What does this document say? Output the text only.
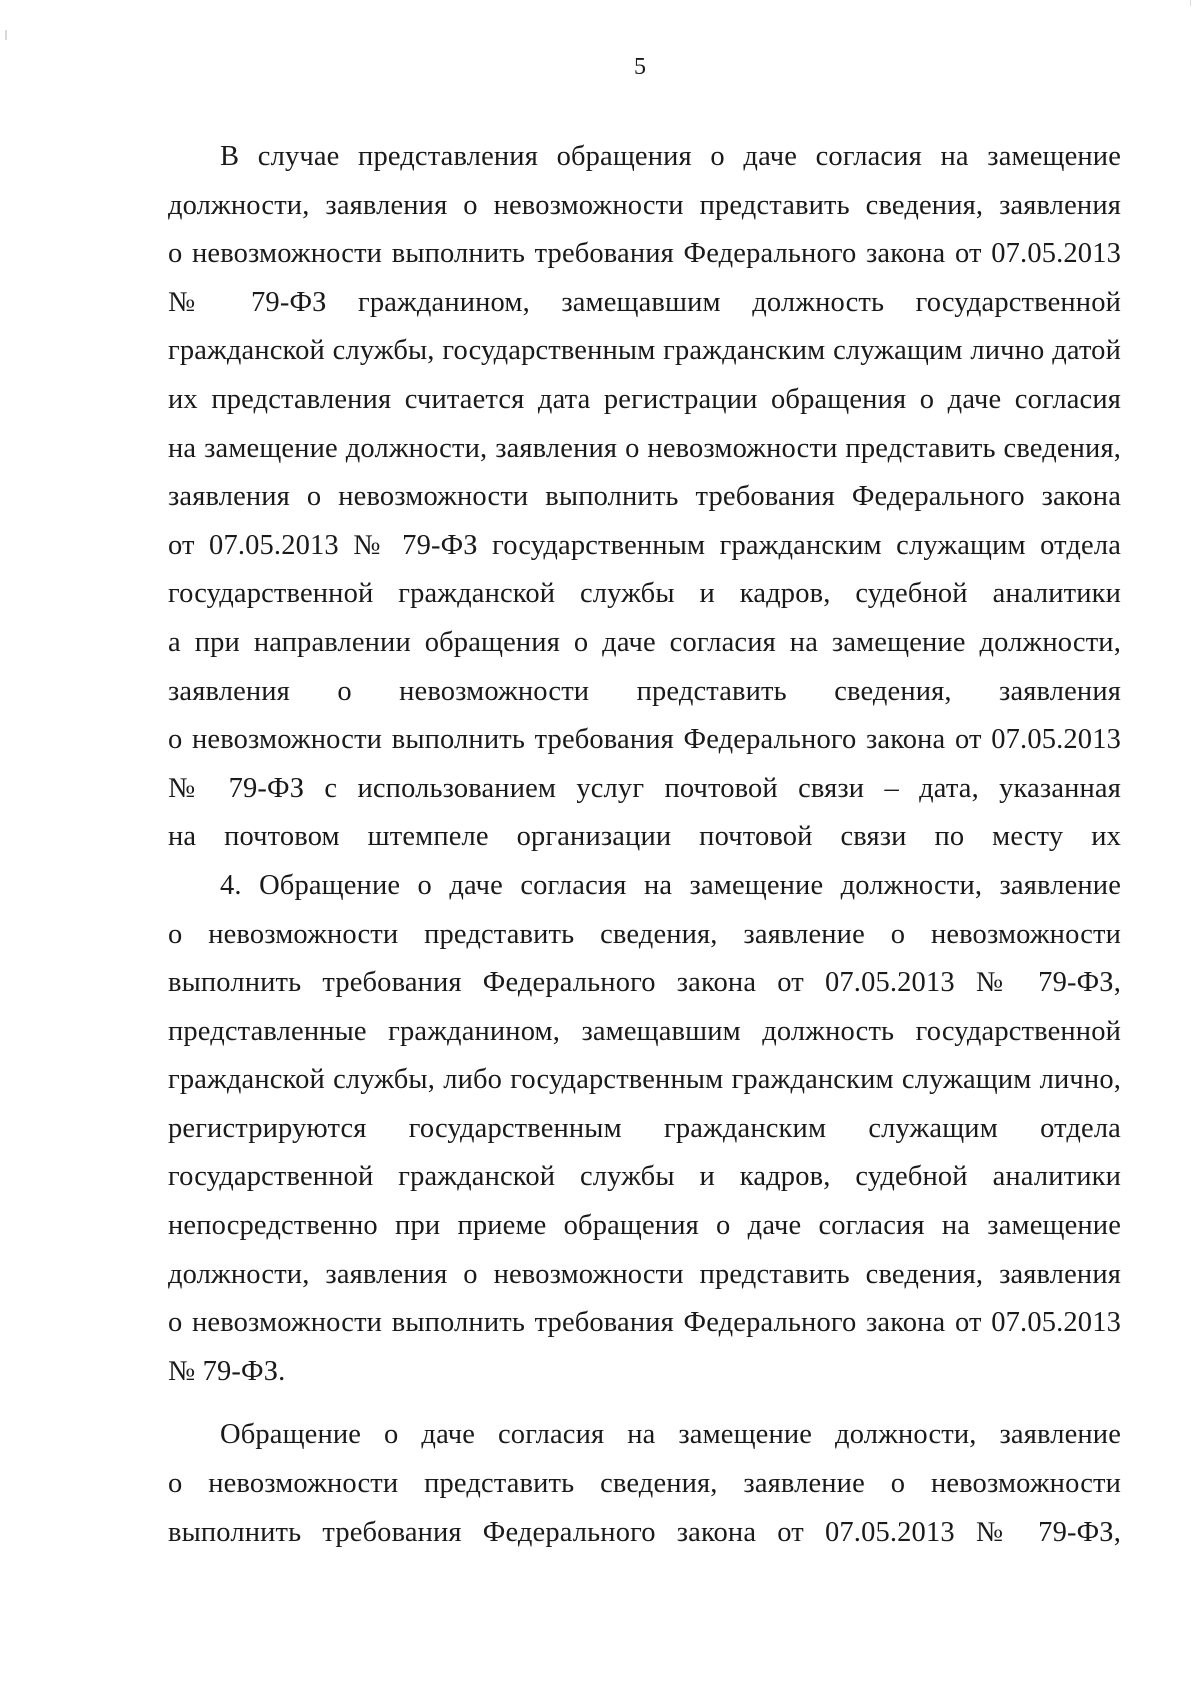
5

В случае представления обращения о даче согласия на замещение
должности, заявления о невозможности представить сведения, заявления
о невозможности выполнить требования Федерального закона от 07.05.2013
№ 79-ФЗ гражданином, замещавшим должность государственной
гражданской службы, государственным гражданским служащим лично датой
их представления считается дата регистрации обращения о даче согласия
на замещение должности, заявления о невозможности представить сведения,
заявления о невозможности выполнить требования Федерального закона
от 07.05.2013 № 79-ФЗ государственным гражданским служащим отдела
государственной гражданской службы и кадров, судебной аналитики
а при направлении обращения о даче согласия на замещение должности,
заявления о невозможности представить сведения, заявления
о невозможности выполнить требования Федерального закона от 07.05.2013
№ 79-ФЗ с использованием услуг почтовой связи – дата, указанная
на почтовом штемпеле организации почтовой связи по месту их

4. Обращение о даче согласия на замещение должности, заявление
о невозможности представить сведения, заявление о невозможности
выполнить требования Федерального закона от 07.05.2013 № 79-ФЗ,
представленные гражданином, замещавшим должность государственной
гражданской службы, либо государственным гражданским служащим лично,
регистрируются государственным гражданским служащим отдела
государственной гражданской службы и кадров, судебной аналитики
непосредственно при приеме обращения о даче согласия на замещение
должности, заявления о невозможности представить сведения, заявления
о невозможности выполнить требования Федерального закона от 07.05.2013
№ 79-ФЗ.

Обращение о даче согласия на замещение должности, заявление
о невозможности представить сведения, заявление о невозможности
выполнить требования Федерального закона от 07.05.2013 № 79-ФЗ,
